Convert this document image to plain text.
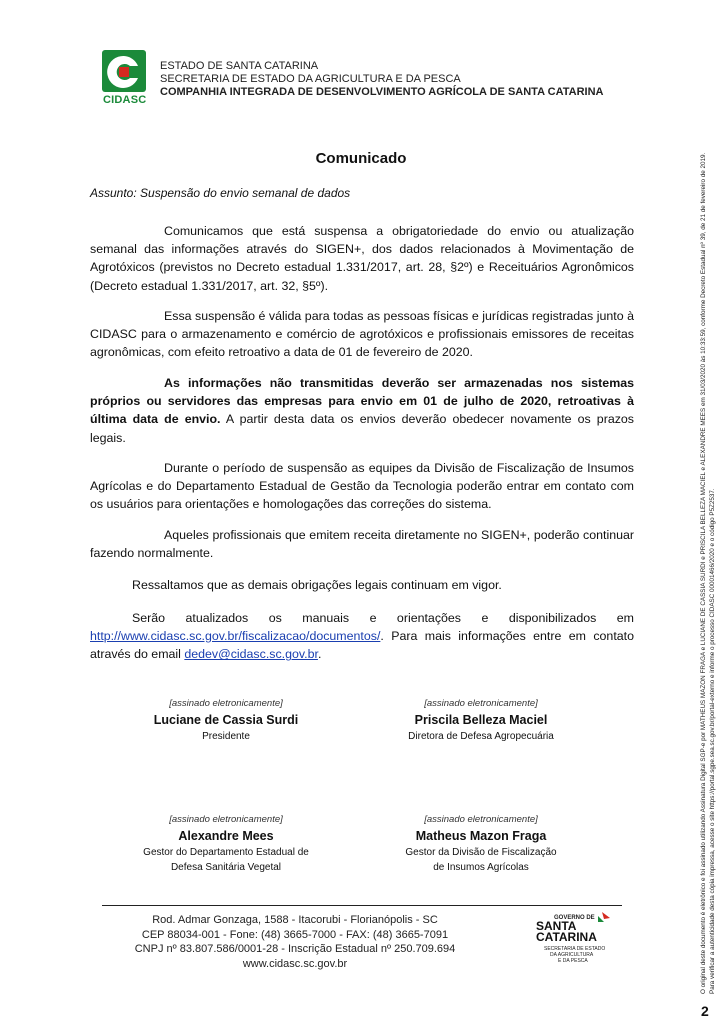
CIDASC
ESTADO DE SANTA CATARINA
SECRETARIA DE ESTADO DA AGRICULTURA E DA PESCA
COMPANHIA INTEGRADA DE DESENVOLVIMENTO AGRÍCOLA DE SANTA CATARINA
Comunicado
Assunto: Suspensão do envio semanal de dados
Comunicamos que está suspensa a obrigatoriedade do envio ou atualização semanal das informações através do SIGEN+, dos dados relacionados à Movimentação de Agrotóxicos (previstos no Decreto estadual 1.331/2017, art. 28, §2º) e Receituários Agronômicos (Decreto estadual 1.331/2017, art. 32, §5º).
Essa suspensão é válida para todas as pessoas físicas e jurídicas registradas junto à CIDASC para o armazenamento e comércio de agrotóxicos e profissionais emissores de receitas agronômicas, com efeito retroativo a data de 01 de fevereiro de 2020.
As informações não transmitidas deverão ser armazenadas nos sistemas próprios ou servidores das empresas para envio em 01 de julho de 2020, retroativas à última data de envio. A partir desta data os envios deverão obedecer novamente os prazos legais.
Durante o período de suspensão as equipes da Divisão de Fiscalização de Insumos Agrícolas e do Departamento Estadual de Gestão da Tecnologia poderão entrar em contato com os usuários para orientações e homologações das correções do sistema.
Aqueles profissionais que emitem receita diretamente no SIGEN+, poderão continuar fazendo normalmente.
Ressaltamos que as demais obrigações legais continuam em vigor.
Serão atualizados os manuais e orientações e disponibilizados em http://www.cidasc.sc.gov.br/fiscalizacao/documentos/. Para mais informações entre em contato através do email dedev@cidasc.sc.gov.br.
[assinado eletronicamente]
Luciane de Cassia Surdi
Presidente
[assinado eletronicamente]
Priscila Belleza Maciel
Diretora de Defesa Agropecuária
[assinado eletronicamente]
Alexandre Mees
Gestor do Departamento Estadual de
Defesa Sanitária Vegetal
[assinado eletronicamente]
Matheus Mazon Fraga
Gestor da Divisão de Fiscalização
de Insumos Agrícolas
Rod. Admar Gonzaga, 1588 - Itacorubi - Florianópolis - SC
CEP 88034-001 - Fone: (48) 3665-7000 - FAX: (48) 3665-7091
CNPJ nº 83.807.586/0001-28 - Inscrição Estadual nº 250.709.694
www.cidasc.sc.gov.br
GOVERNO DE
SANTA
CATARINA
SECRETARIA DE ESTADO
DA AGRICULTURA
E DA PESCA	O original deste documento é eletrônico e foi assinado utilizando Assinatura Digital SGP-e por MATHEUS MAZON FRAGA e LUCIANE DE CASSIA SURDI e PRISCILA BELLEZA MACIEL e ALEXANDRE MEES em 31/03/2020 às 10:33:59, conforme Decreto Estadual nº 39, de 21 de fevereiro de 2019. Para verificar a autenticidade desta cópia impressa, acesse o site https://portal.sgpe.sea.sc.gov.br/portal-externo e informe o processo CIDASC 00001466/2020 e o código P5Z2537.
2
